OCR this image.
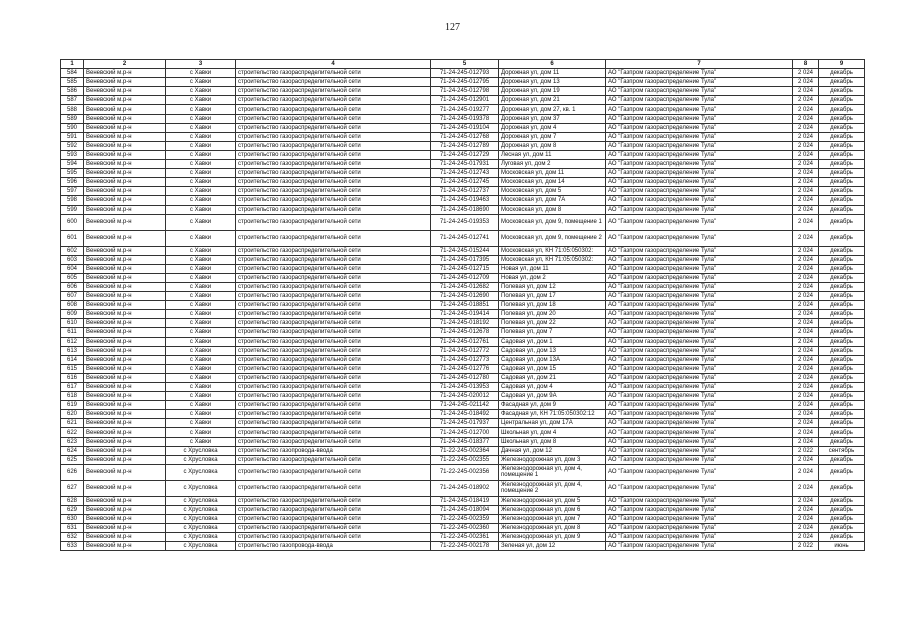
127
1	2	3	4	5	6	7	8	9
584	Веневский м.р-н	с Хавки	строительство газораспределительной сети	71-24-245-012793	Дорожная ул, дом 11	АО "Газпром газораспределение Тула"	2 024	декабрь
585	Веневский м.р-н	с Хавки	строительство газораспределительной сети	71-24-245-012795	Дорожная ул, дом 13	АО "Газпром газораспределение Тула"	2 024	декабрь
586	Веневский м.р-н	с Хавки	строительство газораспределительной сети	71-24-245-012798	Дорожная ул, дом 19	АО "Газпром газораспределение Тула"	2 024	декабрь
587	Веневский м.р-н	с Хавки	строительство газораспределительной сети	71-24-245-012901	Дорожная ул, дом 21	АО "Газпром газораспределение Тула"	2 024	декабрь
588	Веневский м.р-н	с Хавки	строительство газораспределительной сети	71-24-245-019277	Дорожная ул, дом 27, кв. 1	АО "Газпром газораспределение Тула"	2 024	декабрь
589	Веневский м.р-н	с Хавки	строительство газораспределительной сети	71-24-245-019378	Дорожная ул, дом 37	АО "Газпром газораспределение Тула"	2 024	декабрь
590	Веневский м.р-н	с Хавки	строительство газораспределительной сети	71-24-245-019104	Дорожная ул, дом 4	АО "Газпром газораспределение Тула"	2 024	декабрь
591	Веневский м.р-н	с Хавки	строительство газораспределительной сети	71-24-245-012768	Дорожная ул, дом 7	АО "Газпром газораспределение Тула"	2 024	декабрь
592	Веневский м.р-н	с Хавки	строительство газораспределительной сети	71-24-245-012789	Дорожная ул, дом 8	АО "Газпром газораспределение Тула"	2 024	декабрь
593	Веневский м.р-н	с Хавки	строительство газораспределительной сети	71-24-245-012729	Лесная ул, дом 11	АО "Газпром газораспределение Тула"	2 024	декабрь
594	Веневский м.р-н	с Хавки	строительство газораспределительной сети	71-24-245-017931	Луговая ул, дом 2	АО "Газпром газораспределение Тула"	2 024	декабрь
595	Веневский м.р-н	с Хавки	строительство газораспределительной сети	71-24-245-012743	Московская ул, дом 11	АО "Газпром газораспределение Тула"	2 024	декабрь
596	Веневский м.р-н	с Хавки	строительство газораспределительной сети	71-24-245-012745	Московская ул, дом 14	АО "Газпром газораспределение Тула"	2 024	декабрь
597	Веневский м.р-н	с Хавки	строительство газораспределительной сети	71-24-245-012737	Московская ул, дом 5	АО "Газпром газораспределение Тула"	2 024	декабрь
598	Веневский м.р-н	с Хавки	строительство газораспределительной сети	71-24-245-019463	Московская ул, дом 7А	АО "Газпром газораспределение Тула"	2 024	декабрь
599	Веневский м.р-н	с Хавки	строительство газораспределительной сети	71-24-245-018690	Московская ул, дом 8	АО "Газпром газораспределение Тула"	2 024	декабрь
600	Веневский м.р-н	с Хавки	строительство газораспределительной сети	71-24-245-019353	Московская ул, дом 9, помещение 1	АО "Газпром газораспределение Тула"	2 024	декабрь
601	Веневский м.р-н	с Хавки	строительство газораспределительной сети	71-24-245-012741	Московская ул, дом 9, помещение 2	АО "Газпром газораспределение Тула"	2 024	декабрь
602	Веневский м.р-н	с Хавки	строительство газораспределительной сети	71-24-245-015244	Московская ул, КН 71:05:050302:	АО "Газпром газораспределение Тула"	2 024	декабрь
603	Веневский м.р-н	с Хавки	строительство газораспределительной сети	71-24-245-017395	Московская ул, КН 71:05:050302:	АО "Газпром газораспределение Тула"	2 024	декабрь
604	Веневский м.р-н	с Хавки	строительство газораспределительной сети	71-24-245-012715	Новая ул, дом 11	АО "Газпром газораспределение Тула"	2 024	декабрь
605	Веневский м.р-н	с Хавки	строительство газораспределительной сети	71-24-245-012709	Новая ул, дом 2	АО "Газпром газораспределение Тула"	2 024	декабрь
606	Веневский м.р-н	с Хавки	строительство газораспределительной сети	71-24-245-012682	Полевая ул, дом 12	АО "Газпром газораспределение Тула"	2 024	декабрь
607	Веневский м.р-н	с Хавки	строительство газораспределительной сети	71-24-245-012690	Полевая ул, дом 17	АО "Газпром газораспределение Тула"	2 024	декабрь
608	Веневский м.р-н	с Хавки	строительство газораспределительной сети	71-24-245-018851	Полевая ул, дом 18	АО "Газпром газораспределение Тула"	2 024	декабрь
609	Веневский м.р-н	с Хавки	строительство газораспределительной сети	71-24-245-019414	Полевая ул, дом 20	АО "Газпром газораспределение Тула"	2 024	декабрь
610	Веневский м.р-н	с Хавки	строительство газораспределительной сети	71-24-245-018192	Полевая ул, дом 22	АО "Газпром газораспределение Тула"	2 024	декабрь
611	Веневский м.р-н	с Хавки	строительство газораспределительной сети	71-24-245-012678	Полевая ул, дом 7	АО "Газпром газораспределение Тула"	2 024	декабрь
612	Веневский м.р-н	с Хавки	строительство газораспределительной сети	71-24-245-012761	Садовая ул, дом 1	АО "Газпром газораспределение Тула"	2 024	декабрь
613	Веневский м.р-н	с Хавки	строительство газораспределительной сети	71-24-245-012772	Садовая ул, дом 13	АО "Газпром газораспределение Тула"	2 024	декабрь
614	Веневский м.р-н	с Хавки	строительство газораспределительной сети	71-24-245-012773	Садовая ул, дом 13А	АО "Газпром газораспределение Тула"	2 024	декабрь
615	Веневский м.р-н	с Хавки	строительство газораспределительной сети	71-24-245-012776	Садовая ул, дом 15	АО "Газпром газораспределение Тула"	2 024	декабрь
616	Веневский м.р-н	с Хавки	строительство газораспределительной сети	71-24-245-012780	Садовая ул, дом 21	АО "Газпром газораспределение Тула"	2 024	декабрь
617	Веневский м.р-н	с Хавки	строительство газораспределительной сети	71-24-245-013953	Садовая ул, дом 4	АО "Газпром газораспределение Тула"	2 024	декабрь
618	Веневский м.р-н	с Хавки	строительство газораспределительной сети	71-24-245-020012	Садовая ул, дом 9А	АО "Газпром газораспределение Тула"	2 024	декабрь
619	Веневский м.р-н	с Хавки	строительство газораспределительной сети	71-24-245-021142	Фасадная ул, дом 9	АО "Газпром газораспределение Тула"	2 024	декабрь
620	Веневский м.р-н	с Хавки	строительство газораспределительной сети	71-24-245-018492	Фасадная ул, КН 71:05:050302:12	АО "Газпром газораспределение Тула"	2 024	декабрь
621	Веневский м.р-н	с Хавки	строительство газораспределительной сети	71-24-245-017937	Центральная ул, дом 17А	АО "Газпром газораспределение Тула"	2 024	декабрь
622	Веневский м.р-н	с Хавки	строительство газораспределительной сети	71-24-245-012700	Школьная ул, дом 4	АО "Газпром газораспределение Тула"	2 024	декабрь
623	Веневский м.р-н	с Хавки	строительство газораспределительной сети	71-24-245-018377	Школьная ул, дом 8	АО "Газпром газораспределение Тула"	2 024	декабрь
624	Веневский м.р-н	с Хрусловка	строительство газопровода-ввода	71-22-245-002364	Дачная ул, дом 12	АО "Газпром газораспределение Тула"	2 022	сентябрь
625	Веневский м.р-н	с Хрусловка	строительство газораспределительной сети	71-22-245-002355	Железнодорожная ул, дом 3	АО "Газпром газораспределение Тула"	2 024	декабрь
626	Веневский м.р-н	с Хрусловка	строительство газораспределительной сети	71-22-245-002356	Железнодорожная ул, дом 4, помещение 1	АО "Газпром газораспределение Тула"	2 024	декабрь
627	Веневский м.р-н	с Хрусловка	строительство газораспределительной сети	71-24-245-018902	Железнодорожная ул, дом 4, помещение 2	АО "Газпром газораспределение Тула"	2 024	декабрь
628	Веневский м.р-н	с Хрусловка	строительство газораспределительной сети	71-24-245-018419	Железнодорожная ул, дом 5	АО "Газпром газораспределение Тула"	2 024	декабрь
629	Веневский м.р-н	с Хрусловка	строительство газораспределительной сети	71-24-245-018094	Железнодорожная ул, дом 6	АО "Газпром газораспределение Тула"	2 024	декабрь
630	Веневский м.р-н	с Хрусловка	строительство газораспределительной сети	71-22-245-002359	Железнодорожная ул, дом 7	АО "Газпром газораспределение Тула"	2 024	декабрь
631	Веневский м.р-н	с Хрусловка	строительство газораспределительной сети	71-22-245-002360	Железнодорожная ул, дом 8	АО "Газпром газораспределение Тула"	2 024	декабрь
632	Веневский м.р-н	с Хрусловка	строительство газораспределительной сети	71-22-245-002361	Железнодорожная ул, дом 9	АО "Газпром газораспределение Тула"	2 024	декабрь
633	Веневский м.р-н	с Хрусловка	строительство газопровода-ввода	71-22-245-002178	Зеленая ул, дом 12	АО "Газпром газораспределение Тула"	2 022	июнь
